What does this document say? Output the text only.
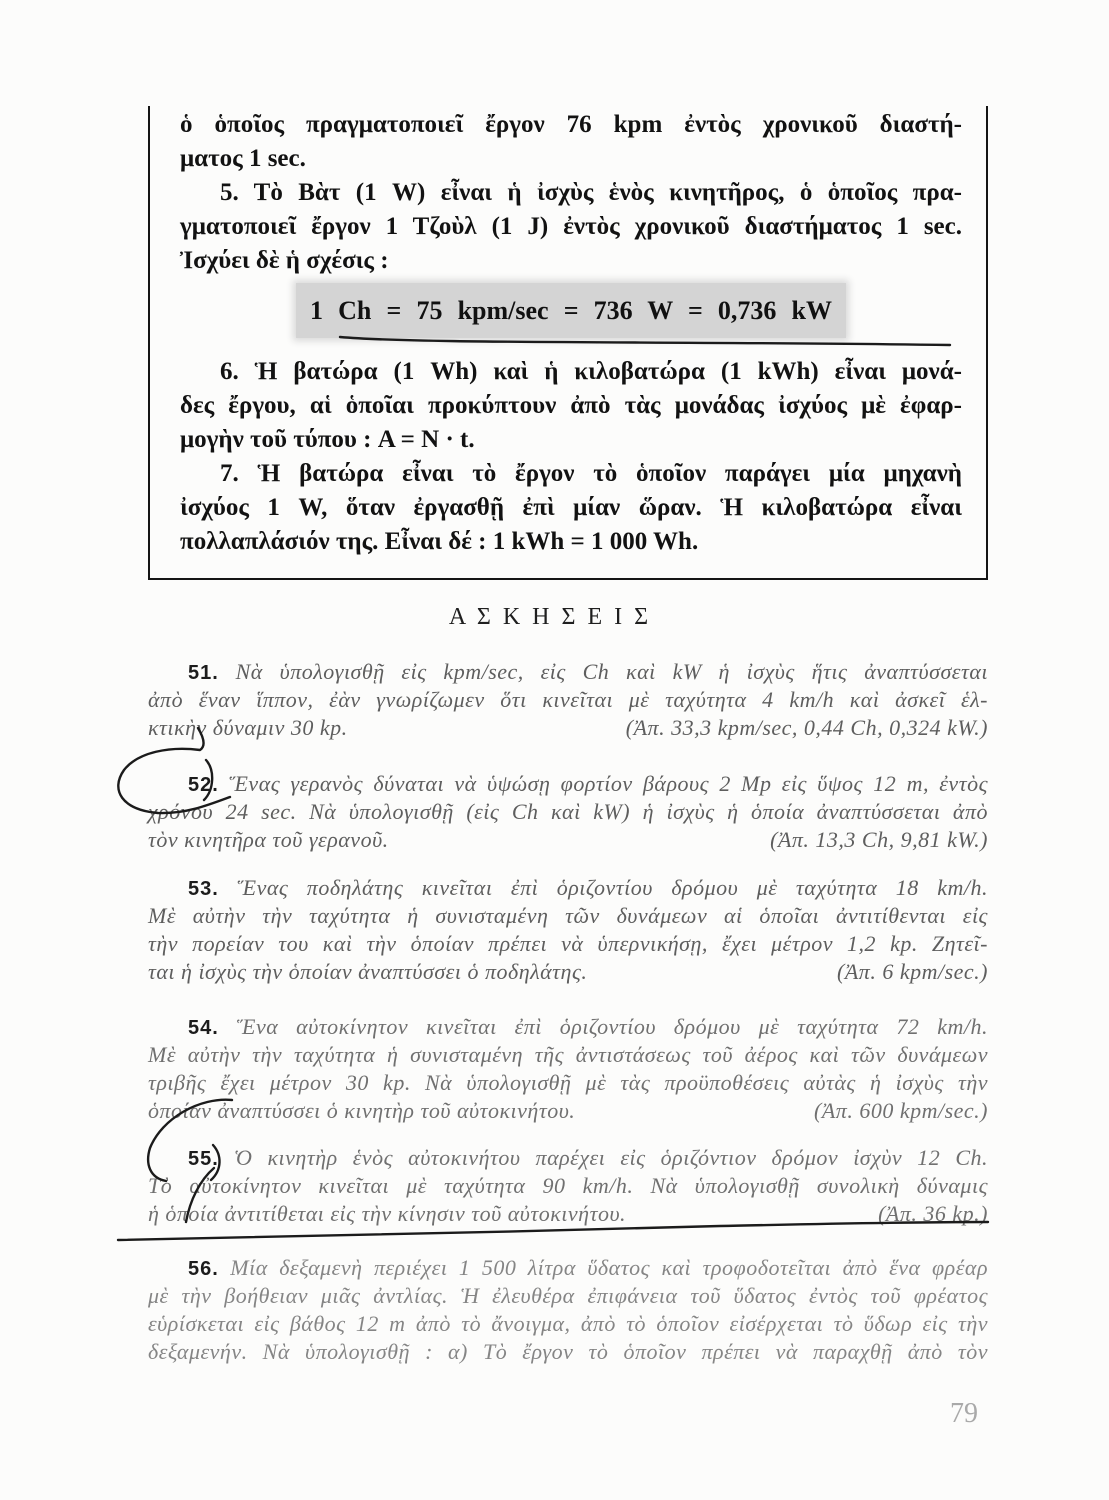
ὁ ὁποῖος πραγματοποιεῖ ἔργον 76 kpm ἐντὸς χρονικοῦ διαστή-
ματος 1 sec.
5. Τὸ Βὰτ (1 W) εἶναι ἡ ἰσχὺς ἑνὸς κινητῆρος, ὁ ὁποῖος πρα-
γματοποιεῖ ἔργον 1 Τζοὺλ (1 J) ἐντὸς χρονικοῦ διαστήματος 1 sec.
Ἰσχύει δὲ ἡ σχέσις :
1 Ch = 75 kpm/sec = 736 W = 0,736 kW
6. Ἡ βατώρα (1 Wh) καὶ ἡ κιλοβατώρα (1 kWh) εἶναι μονά-
δες ἔργου, αἱ ὁποῖαι προκύπτουν ἀπὸ τὰς μονάδας ἰσχύος μὲ ἐφαρ-
μογὴν τοῦ τύπου : A = N · t.
7. Ἡ βατώρα εἶναι τὸ ἔργον τὸ ὁποῖον παράγει μία μηχανὴ
ἰσχύος 1 W, ὅταν ἐργασθῇ ἐπὶ μίαν ὥραν. Ἡ κιλοβατώρα εἶναι
πολλαπλάσιόν της. Εἶναι δέ : 1 kWh = 1 000 Wh.
Α Σ Κ Η Σ Ε Ι Σ
51. Νὰ ὑπολογισθῇ εἰς kpm/sec, εἰς Ch καὶ kW ἡ ἰσχὺς ἥτις ἀναπτύσσεται
ἀπὸ ἕναν ἵππον, ἐὰν γνωρίζωμεν ὅτι κινεῖται μὲ ταχύτητα 4 km/h καὶ ἀσκεῖ ἑλ-
κτικὴν δύναμιν 30 kp.	(Ἀπ. 33,3 kpm/sec, 0,44 Ch, 0,324 kW.)
52. Ἕνας γερανὸς δύναται νὰ ὑψώσῃ φορτίον βάρους 2 Mp εἰς ὕψος 12 m, ἐντὸς
χρόνου 24 sec. Νὰ ὑπολογισθῇ (εἰς Ch καὶ kW) ἡ ἰσχὺς ἡ ὁποία ἀναπτύσσεται ἀπὸ
τὸν κινητῆρα τοῦ γερανοῦ.	(Ἀπ. 13,3 Ch, 9,81 kW.)
53. Ἕνας ποδηλάτης κινεῖται ἐπὶ ὁριζοντίου δρόμου μὲ ταχύτητα 18 km/h.
Μὲ αὐτὴν τὴν ταχύτητα ἡ συνισταμένη τῶν δυνάμεων αἱ ὁποῖαι ἀντιτίθενται εἰς
τὴν πορείαν του καὶ τὴν ὁποίαν πρέπει νὰ ὑπερνικήσῃ, ἔχει μέτρον 1,2 kp. Ζητεῖ-
ται ἡ ἰσχὺς τὴν ὁποίαν ἀναπτύσσει ὁ ποδηλάτης.	(Ἀπ. 6 kpm/sec.)
54. Ἕνα αὐτοκίνητον κινεῖται ἐπὶ ὁριζοντίου δρόμου μὲ ταχύτητα 72 km/h.
Μὲ αὐτὴν τὴν ταχύτητα ἡ συνισταμένη τῆς ἀντιστάσεως τοῦ ἀέρος καὶ τῶν δυνάμεων
τριβῆς ἔχει μέτρον 30 kp. Νὰ ὑπολογισθῇ μὲ τὰς προϋποθέσεις αὐτὰς ἡ ἰσχὺς τὴν
ὁποίαν ἀναπτύσσει ὁ κινητὴρ τοῦ αὐτοκινήτου.	(Ἀπ. 600 kpm/sec.)
55. Ὁ κινητὴρ ἑνὸς αὐτοκινήτου παρέχει εἰς ὁριζόντιον δρόμον ἰσχὺν 12 Ch.
Τὸ αὐτοκίνητον κινεῖται μὲ ταχύτητα 90 km/h. Νὰ ὑπολογισθῇ συνολικὴ δύναμις
ἡ ὁποία ἀντιτίθεται εἰς τὴν κίνησιν τοῦ αὐτοκινήτου.	(Ἀπ. 36 kp.)
56. Μία δεξαμενὴ περιέχει 1 500 λίτρα ὕδατος καὶ τροφοδοτεῖται ἀπὸ ἕνα φρέαρ
μὲ τὴν βοήθειαν μιᾶς ἀντλίας. Ἡ ἐλευθέρα ἐπιφάνεια τοῦ ὕδατος ἐντὸς τοῦ φρέατος
εὑρίσκεται εἰς βάθος 12 m ἀπὸ τὸ ἄνοιγμα, ἀπὸ τὸ ὁποῖον εἰσέρχεται τὸ ὕδωρ εἰς τὴν
δεξαμενήν. Νὰ ὑπολογισθῇ : α) Τὸ ἔργον τὸ ὁποῖον πρέπει νὰ παραχθῇ ἀπὸ τὸν
79
